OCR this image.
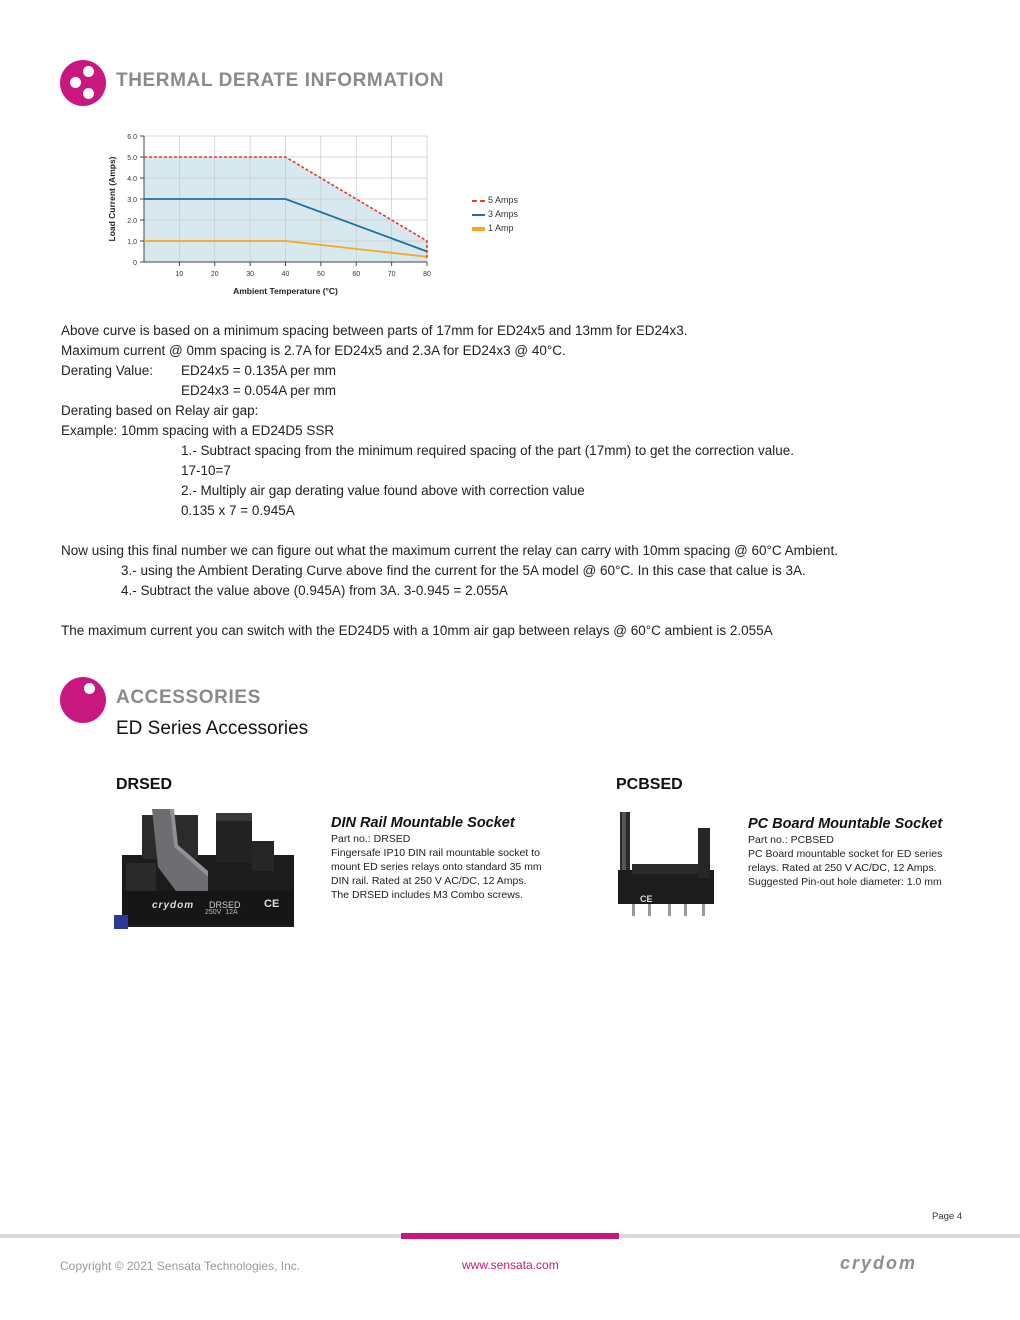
THERMAL DERATE INFORMATION
0
1.0
2.0
3.0
4.0
5.0
6.0
10	20	30	40	50	60	70	80
Ambient Temperature (°C)
Load Current (Amps)	5 Amps
3 Amps
1 Amp
Above curve is based on a minimum spacing between parts of 17mm for ED24x5 and 13mm for ED24x3.
Maximum current @ 0mm spacing is 2.7A for ED24x5 and 2.3A for ED24x3 @ 40°C.
Derating Value: ED24x5 = 0.135A per mm
ED24x3 = 0.054A per mm
Derating based on Relay air gap:
Example: 10mm spacing with a ED24D5 SSR
1.- Subtract spacing from the minimum required spacing of the part (17mm) to get the correction value.
17-10=7
2.- Multiply air gap derating value found above with correction value
0.135 x 7 = 0.945A
Now using this final number we can figure out what the maximum current the relay can carry with 10mm spacing @ 60°C Ambient.
3.- using the Ambient Derating Curve above find the current for the 5A model @ 60°C. In this case that calue is 3A.
4.- Subtract the value above (0.945A) from 3A. 3-0.945 = 2.055A
The maximum current you can switch with the ED24D5 with a 10mm air gap between relays @ 60°C ambient is 2.055A
ACCESSORIES
ED Series Accessories
DRSED
crydom DRSED
250V  12A
CE
DIN Rail Mountable Socket
Part no.: DRSED
Fingersafe IP10 DIN rail mountable socket to mount ED series relays onto standard 35 mm DIN rail. Rated at 250 V AC/DC, 12 Amps. The DRSED includes M3 Combo screws.
PCBSED
CE
PC Board Mountable Socket
Part no.: PCBSED
PC Board mountable socket for ED series relays. Rated at 250 V AC/DC, 12 Amps. Suggested Pin-out hole diameter: 1.0 mm
Page 4
Copyright © 2021 Sensata Technologies, Inc.	www.sensata.com	crydom
